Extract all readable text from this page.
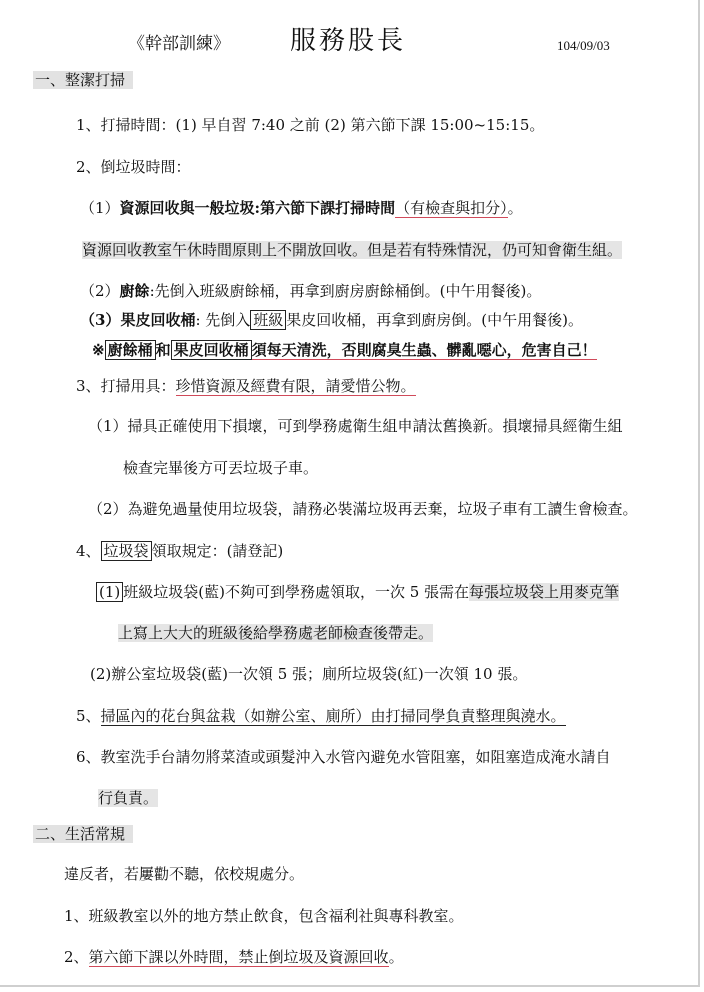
《幹部訓練》 服務股長	104/09/03
一、整潔打掃
1、打掃時間：(1) 早自習 7:40 之前 (2) 第六節下課 15:00~15:15。
2、倒垃圾時間：
（1）資源回收與一般垃圾:第六節下課打掃時間（有檢查與扣分）。
資源回收教室午休時間原則上不開放回收。但是若有特殊情況，仍可知會衛生組。
（2）廚餘:先倒入班級廚餘桶，再拿到廚房廚餘桶倒。(中午用餐後)。
（3）果皮回收桶: 先倒入 班級 果皮回收桶，再拿到廚房倒。(中午用餐後)。
※ 廚餘桶 和 果皮回收桶 須每天清洗，否則腐臭生蟲、髒亂噁心，危害自己！
3、打掃用具：珍惜資源及經費有限，請愛惜公物。
（1）掃具正確使用下損壞，可到學務處衛生組申請汰舊換新。損壞掃具經衛生組
檢查完畢後方可丟垃圾子車。
（2）為避免過量使用垃圾袋，請務必裝滿垃圾再丟棄，垃圾子車有工讀生會檢查。
4、 垃圾袋 領取規定：(請登記)
(1) 班級垃圾袋(藍)不夠可到學務處領取，一次 5 張需在每張垃圾袋上用麥克筆
上寫上大大的班級後給學務處老師檢查後帶走。
(2)辦公室垃圾袋(藍)一次領 5 張；廁所垃圾袋(紅)一次領 10 張。
5、掃區內的花台與盆栽（如辦公室、廁所）由打掃同學負責整理與澆水。
6、教室洗手台請勿將菜渣或頭髮沖入水管內避免水管阻塞，如阻塞造成淹水請自
行負責。
二、生活常規
違反者，若屢勸不聽，依校規處分。
1、班級教室以外的地方禁止飲食，包含福利社與專科教室。
2、第六節下課以外時間，禁止倒垃圾及資源回收。
